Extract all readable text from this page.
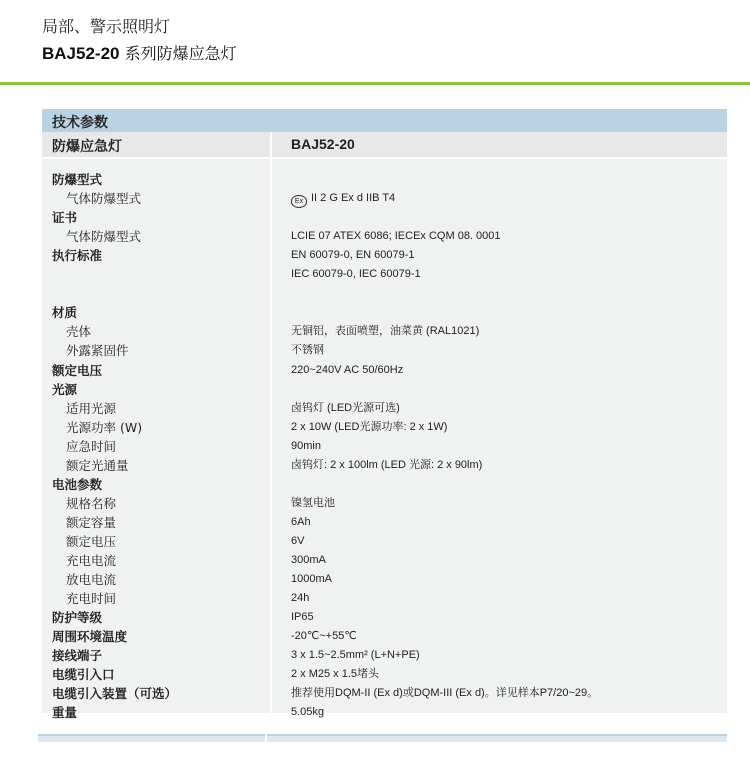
局部、警示照明灯
BAJ52-20 系列防爆应急灯
技术参数
防爆应急灯	BAJ52-20
防爆型式
气体防爆型式	Ex II 2 G Ex d IIB T4
证书
气体防爆型式	LCIE 07 ATEX 6086; IECEx CQM 08. 0001
执行标准	EN 60079-0, EN 60079-1
IEC 60079-0, IEC 60079-1
材质
壳体	无铜铝，表面喷塑，油菜黄 (RAL1021)
外露紧固件	不锈钢
额定电压	220~240V AC 50/60Hz
光源
适用光源	卤钨灯 (LED光源可选)
光源功率 (W)	2 x 10W (LED光源功率: 2 x 1W)
应急时间	90min
额定光通量	卤钨灯: 2 x 100lm (LED 光源: 2 x 90lm)
电池参数
规格名称	镍氢电池
额定容量	6Ah
额定电压	6V
充电电流	300mA
放电电流	1000mA
充电时间	24h
防护等级	IP65
周围环境温度	-20℃~+55℃
接线端子	3 x 1.5~2.5mm² (L+N+PE)
电缆引入口	2 x M25 x 1.5堵头
电缆引入装置（可选）	推荐使用DQM-II (Ex d)或DQM-III (Ex d)。详见样本P7/20~29。
重量	5.05kg
